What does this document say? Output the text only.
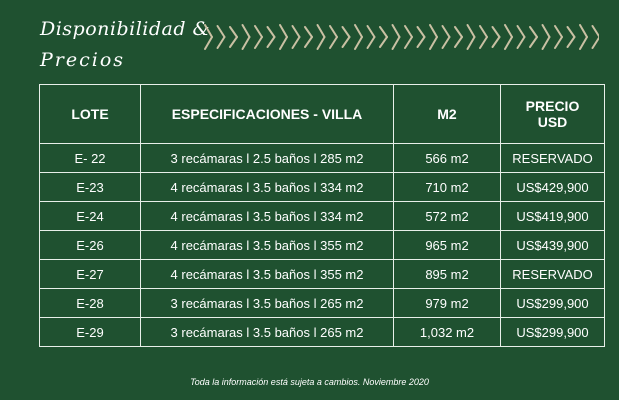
Disponibilidad &
Precios
LOTE	ESPECIFICACIONES - VILLA	M2	PRECIO
USD

E- 22	3 recámaras l 2.5 baños l 285 m2	566 m2	RESERVADO
E-23	4 recámaras l 3.5 baños l 334 m2	710 m2	US$429,900
E-24	4 recámaras l 3.5 baños l 334 m2	572 m2	US$419,900
E-26	4 recámaras l 3.5 baños l 355 m2	965 m2	US$439,900
E-27	4 recámaras l 3.5 baños l 355 m2	895 m2	RESERVADO
E-28	3 recámaras l 3.5 baños l 265 m2	979 m2	US$299,900
E-29	3 recámaras l 3.5 baños l 265 m2	1,032 m2	US$299,900
Toda la información está sujeta a cambios. Noviembre 2020
